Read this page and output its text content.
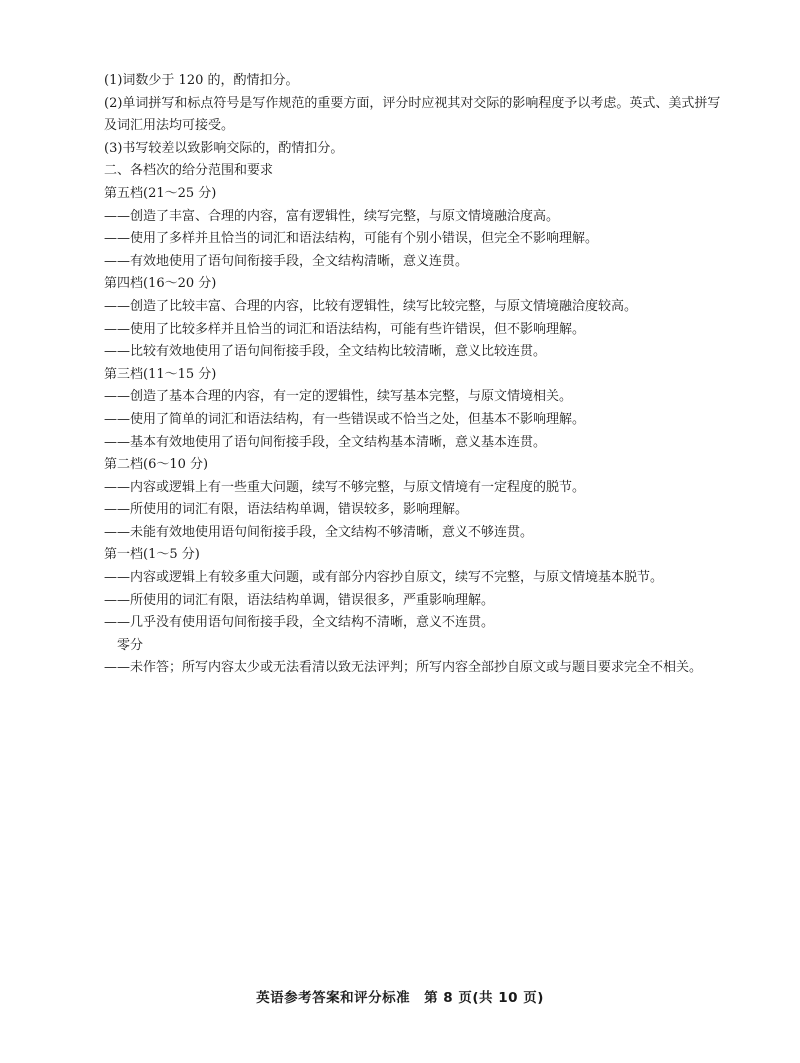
(1)词数少于 120 的，酌情扣分。
(2)单词拼写和标点符号是写作规范的重要方面，评分时应视其对交际的影响程度予以考虑。英式、美式拼写及词汇用法均可接受。
(3)书写较差以致影响交际的，酌情扣分。
二、各档次的给分范围和要求
第五档(21～25 分)
——创造了丰富、合理的内容，富有逻辑性，续写完整，与原文情境融洽度高。
——使用了多样并且恰当的词汇和语法结构，可能有个别小错误，但完全不影响理解。
——有效地使用了语句间衔接手段，全文结构清晰，意义连贯。
第四档(16～20 分)
——创造了比较丰富、合理的内容，比较有逻辑性，续写比较完整，与原文情境融洽度较高。
——使用了比较多样并且恰当的词汇和语法结构，可能有些许错误，但不影响理解。
——比较有效地使用了语句间衔接手段，全文结构比较清晰，意义比较连贯。
第三档(11～15 分)
——创造了基本合理的内容，有一定的逻辑性，续写基本完整，与原文情境相关。
——使用了简单的词汇和语法结构，有一些错误或不恰当之处，但基本不影响理解。
——基本有效地使用了语句间衔接手段，全文结构基本清晰，意义基本连贯。
第二档(6～10 分)
——内容或逻辑上有一些重大问题，续写不够完整，与原文情境有一定程度的脱节。
——所使用的词汇有限，语法结构单调，错误较多，影响理解。
——未能有效地使用语句间衔接手段，全文结构不够清晰，意义不够连贯。
第一档(1～5 分)
——内容或逻辑上有较多重大问题，或有部分内容抄自原文，续写不完整，与原文情境基本脱节。
——所使用的词汇有限，语法结构单调，错误很多，严重影响理解。
——几乎没有使用语句间衔接手段，全文结构不清晰，意义不连贯。
零分
——未作答；所写内容太少或无法看清以致无法评判；所写内容全部抄自原文或与题目要求完全不相关。
英语参考答案和评分标准　第 8 页(共 10 页)
